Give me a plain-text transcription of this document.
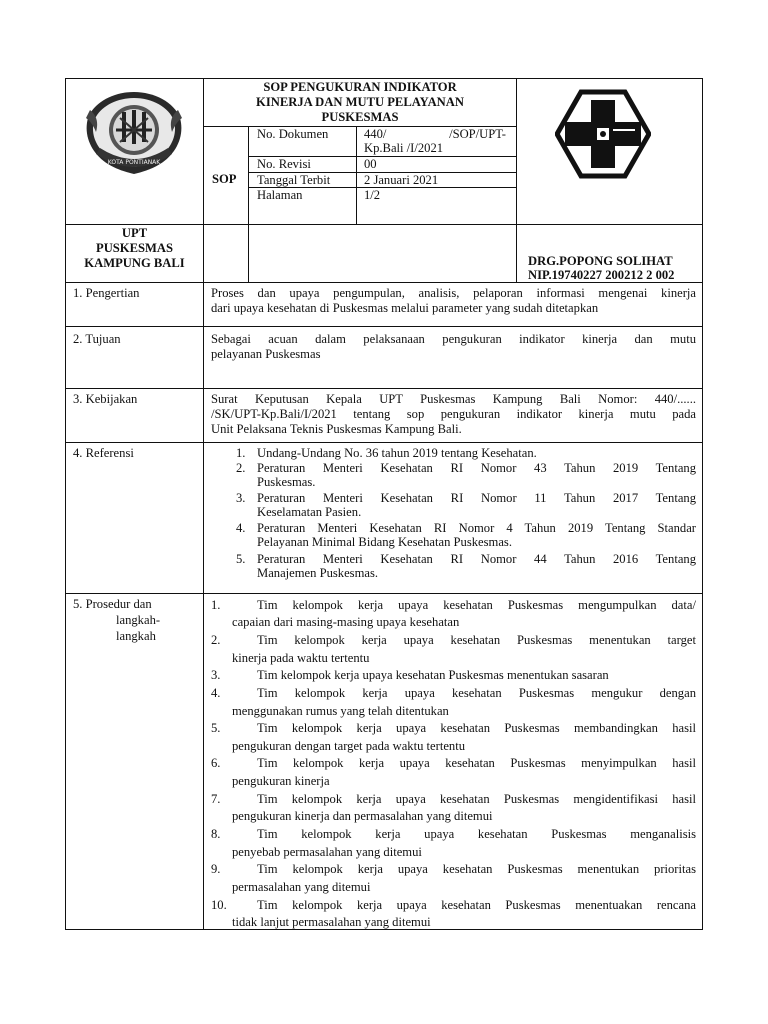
KOTA PONTIANAK
SOP PENGUKURAN INDIKATOR
KINERJA DAN MUTU PELAYANAN
PUSKESMAS
SOP
No. Dokumen	440/ /SOP/UPT-
Kp.Bali /I/2021
No. Revisi	00
Tanggal Terbit	2 Januari 2021
Halaman	1/2
UPT
PUSKESMAS
KAMPUNG BALI	DRG.POPONG SOLIHAT
NIP.19740227 200212 2 002
1. Pengertian	Proses dan upaya pengumpulan, analisis, pelaporan informasi mengenai kinerja
dari upaya kesehatan di Puskesmas melalui parameter yang sudah ditetapkan
2. Tujuan	Sebagai acuan dalam pelaksanaan pengukuran indikator kinerja dan mutu
pelayanan Puskesmas
3. Kebijakan	Surat Keputusan Kepala UPT Puskesmas Kampung Bali Nomor: 440/......
/SK/UPT-Kp.Bali/I/2021 tentang sop pengukuran indikator kinerja mutu pada
Unit Pelaksana Teknis Puskesmas Kampung Bali.
4. Referensi	1. Undang-Undang No. 36 tahun 2019 tentang Kesehatan.
2. Peraturan Menteri Kesehatan RI Nomor 43 Tahun 2019 Tentang
Puskesmas.
3. Peraturan Menteri Kesehatan RI Nomor 11 Tahun 2017 Tentang
Keselamatan Pasien.
4. Peraturan Menteri Kesehatan RI Nomor 4 Tahun 2019 Tentang Standar
Pelayanan Minimal Bidang Kesehatan Puskesmas.
5. Peraturan Menteri Kesehatan RI Nomor 44 Tahun 2016 Tentang
Manajemen Puskesmas.
5. Prosedur dan
langkah-
langkah
1.	Tim kelompok kerja upaya kesehatan Puskesmas mengumpulkan data/
capaian dari masing-masing upaya kesehatan
2.	Tim kelompok kerja upaya kesehatan Puskesmas menentukan target
kinerja pada waktu tertentu
3.	Tim kelompok kerja upaya kesehatan Puskesmas menentukan sasaran
4.	Tim kelompok kerja upaya kesehatan Puskesmas mengukur dengan
menggunakan rumus yang telah ditentukan
5.	Tim kelompok kerja upaya kesehatan Puskesmas membandingkan hasil
pengukuran dengan target pada waktu tertentu
6.	Tim kelompok kerja upaya kesehatan Puskesmas menyimpulkan hasil
pengukuran kinerja
7.	Tim kelompok kerja upaya kesehatan Puskesmas mengidentifikasi hasil
pengukuran kinerja dan permasalahan yang ditemui
8.	Tim kelompok kerja upaya kesehatan Puskesmas menganalisis
penyebab permasalahan yang ditemui
9.	Tim kelompok kerja upaya kesehatan Puskesmas menentukan prioritas
permasalahan yang ditemui
10. Tim kelompok kerja upaya kesehatan Puskesmas menentuakan rencana
tidak lanjut permasalahan yang ditemui
